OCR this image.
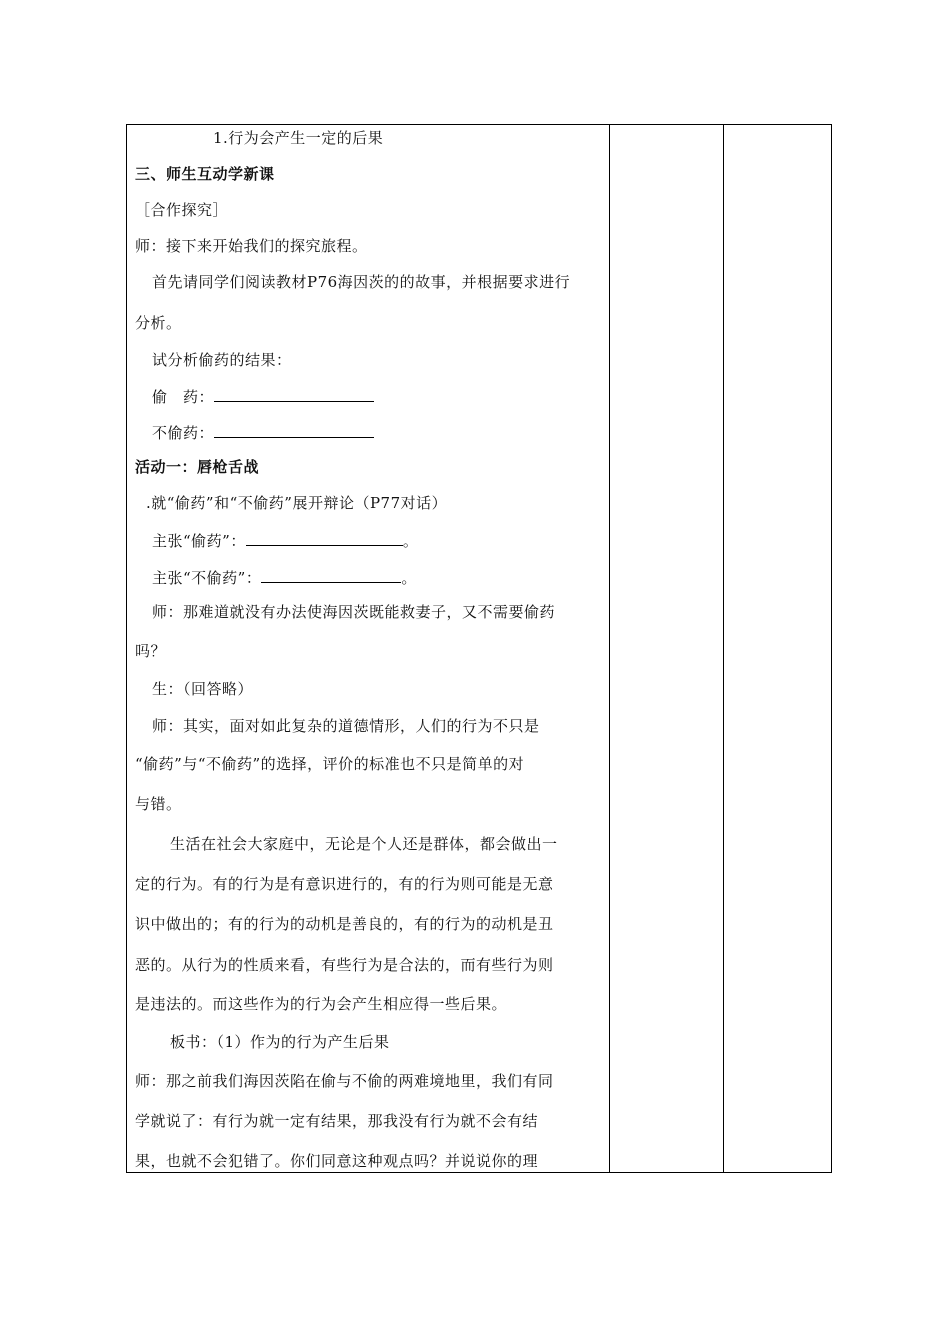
1.行为会产生一定的后果
三、师生互动学新课
［合作探究］
师：接下来开始我们的探究旅程。
首先请同学们阅读教材P76海因茨的的故事，并根据要求进行
分析。
试分析偷药的结果：
偷　药：
不偷药：
活动一：唇枪舌战
.就“偷药”和“不偷药”展开辩论（P77对话）
主张“偷药”：	。
主张“不偷药”：	。
师：那难道就没有办法使海因茨既能救妻子，又不需要偷药
吗？
生：（回答略）
师：其实，面对如此复杂的道德情形，人们的行为不只是
“偷药”与“不偷药”的选择，评价的标准也不只是简单的对
与错。
生活在社会大家庭中，无论是个人还是群体，都会做出一
定的行为。有的行为是有意识进行的，有的行为则可能是无意
识中做出的；有的行为的动机是善良的，有的行为的动机是丑
恶的。从行为的性质来看，有些行为是合法的，而有些行为则
是违法的。而这些作为的行为会产生相应得一些后果。
板书：（1）作为的行为产生后果
师：那之前我们海因茨陷在偷与不偷的两难境地里，我们有同
学就说了：有行为就一定有结果，那我没有行为就不会有结
果，也就不会犯错了。你们同意这种观点吗？并说说你的理
